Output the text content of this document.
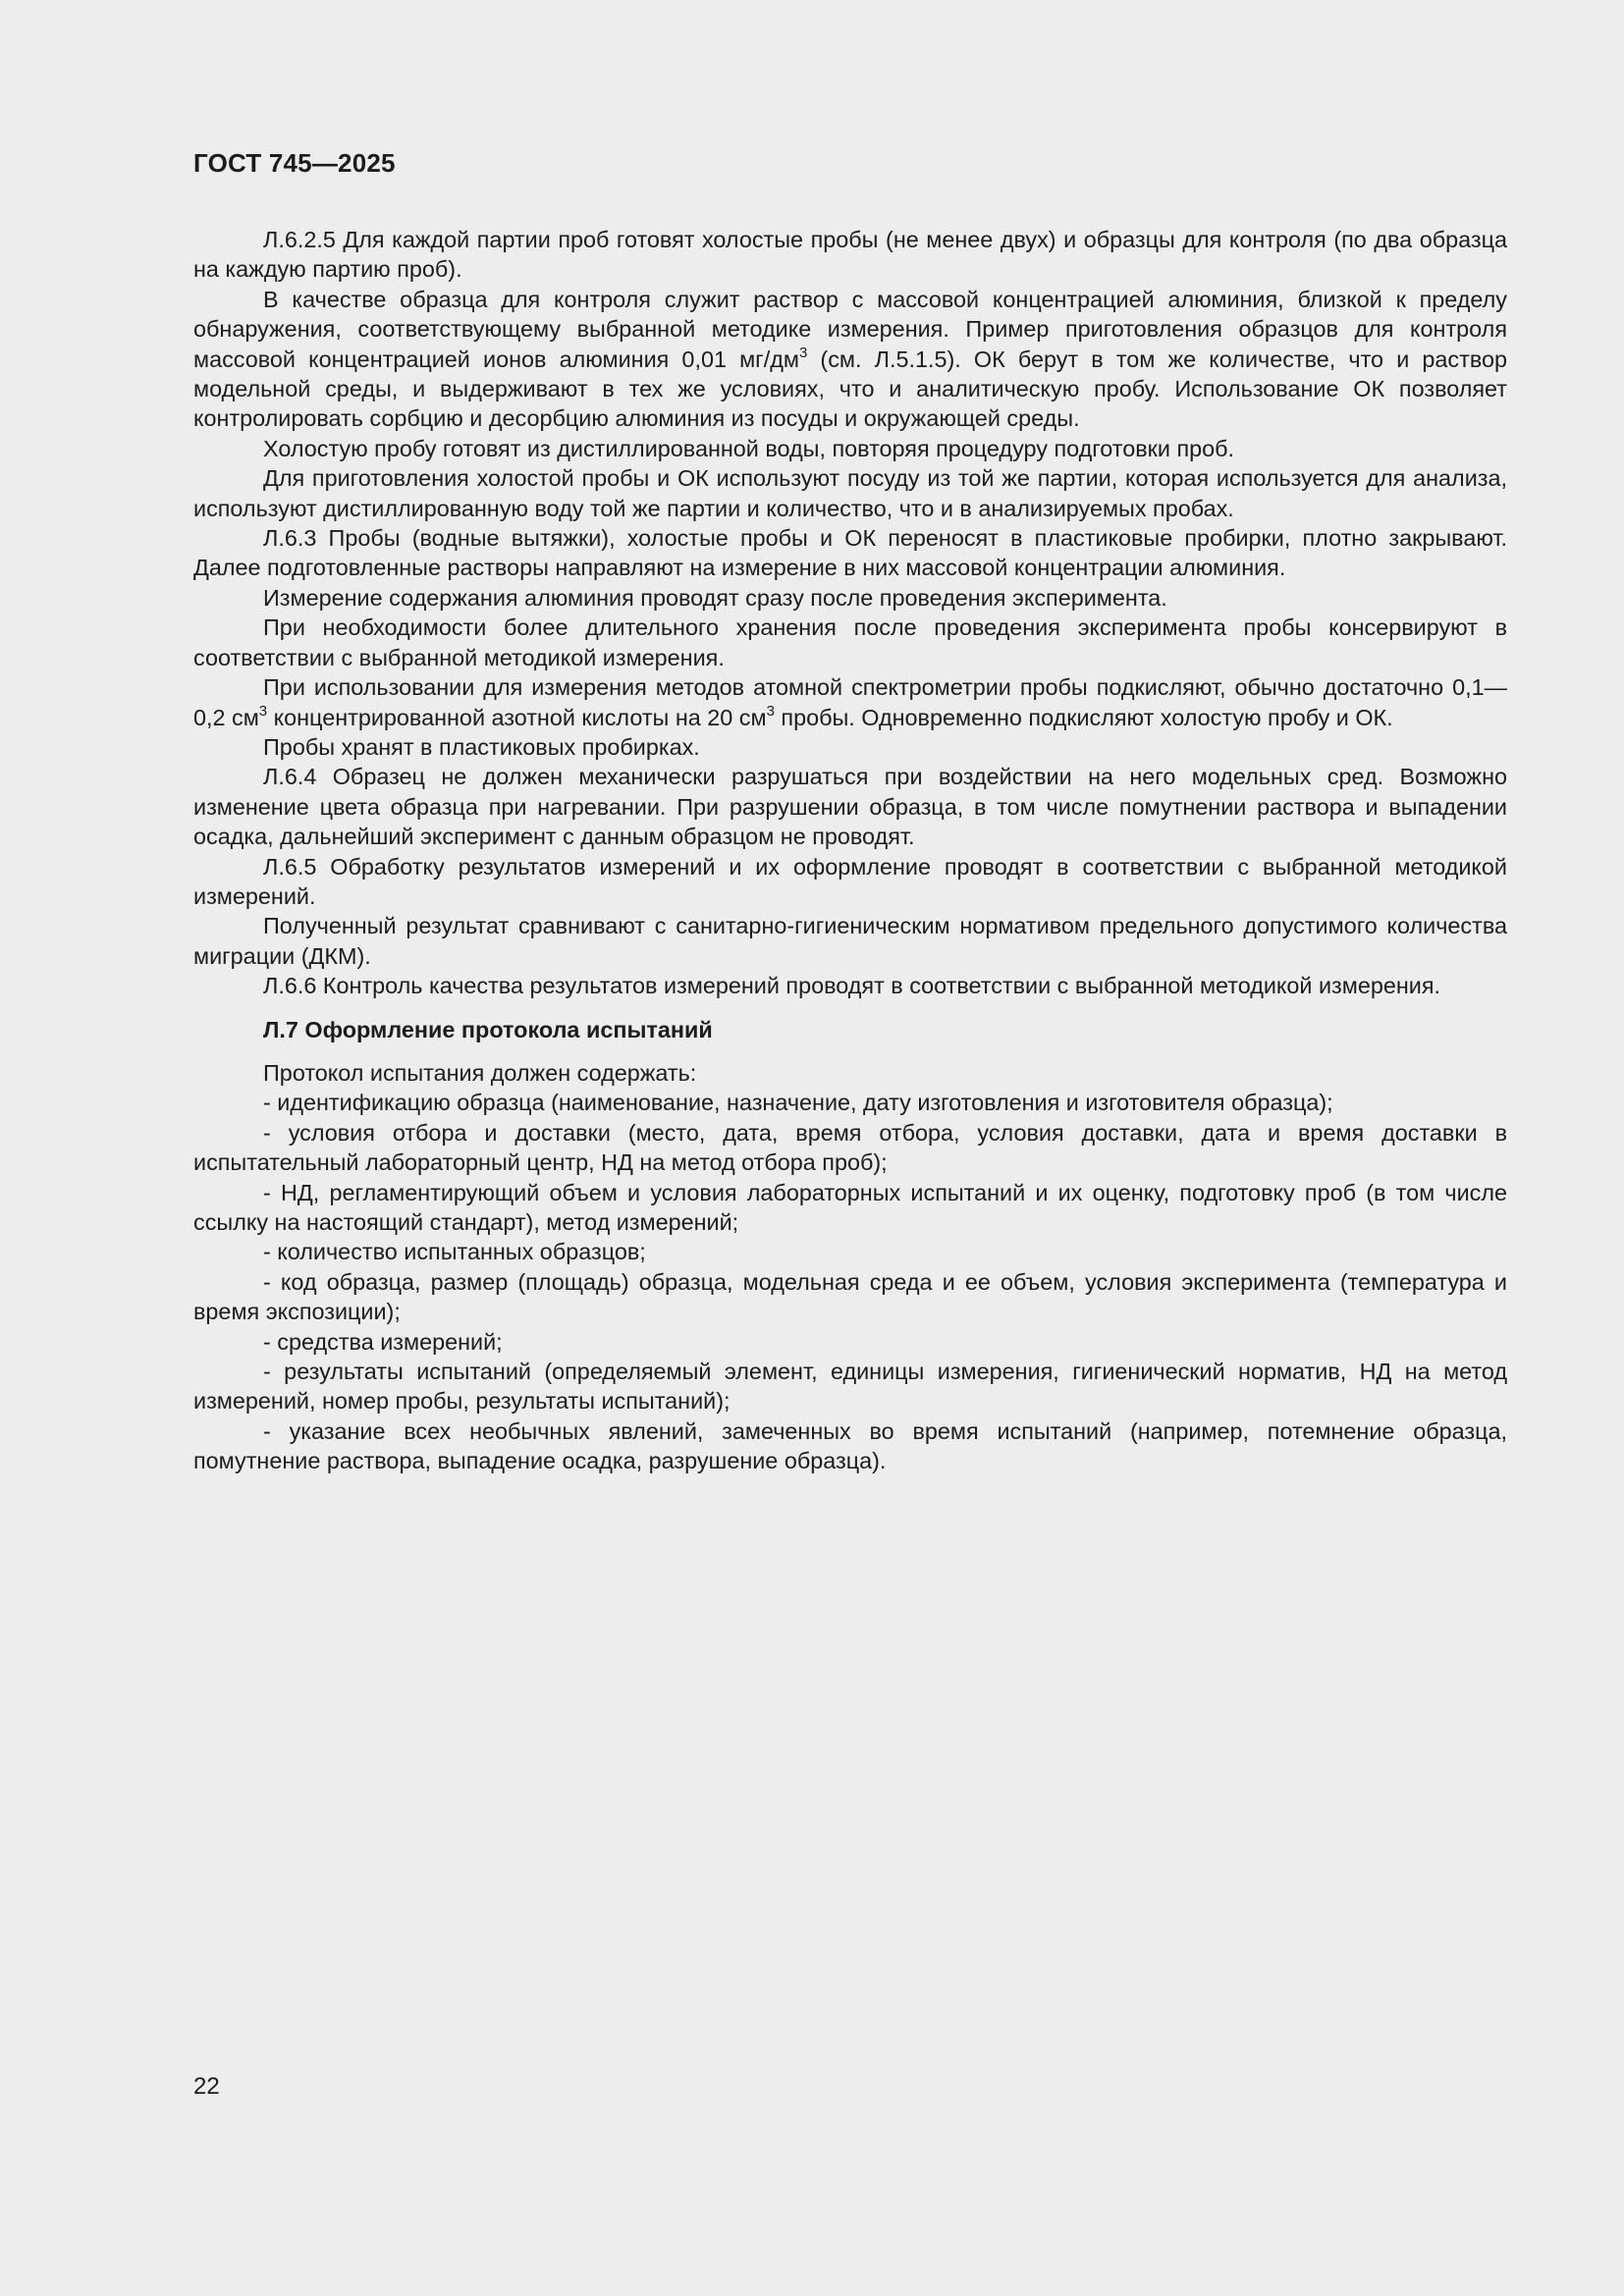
ГОСТ 745—2025

Л.6.2.5 Для каждой партии проб готовят холостые пробы (не менее двух) и образцы для контроля (по два образца на каждую партию проб).

В качестве образца для контроля служит раствор с массовой концентрацией алюминия, близкой к пределу обнаружения, соответствующему выбранной методике измерения. Пример приготовления образцов для контроля массовой концентрацией ионов алюминия 0,01 $мг/дм^3$ (см. Л.5.1.5). ОК берут в том же количестве, что и раствор модельной среды, и выдерживают в тех же условиях, что и аналитическую пробу. Использование ОК позволяет контролировать сорбцию и десорбцию алюминия из посуды и окружающей среды.

Холостую пробу готовят из дистиллированной воды, повторяя процедуру подготовки проб.

Для приготовления холостой пробы и ОК используют посуду из той же партии, которая используется для анализа, используют дистиллированную воду той же партии и количество, что и в анализируемых пробах.

Л.6.3 Пробы (водные вытяжки), холостые пробы и ОК переносят в пластиковые пробирки, плотно закрывают. Далее подготовленные растворы направляют на измерение в них массовой концентрации алюминия.

Измерение содержания алюминия проводят сразу после проведения эксперимента.

При необходимости более длительного хранения после проведения эксперимента пробы консервируют в соответствии с выбранной методикой измерения.

При использовании для измерения методов атомной спектрометрии пробы подкисляют, обычно достаточно 0,1—0,2 $см^3$ концентрированной азотной кислоты на 20 $см^3$ пробы. Одновременно подкисляют холостую пробу и ОК.

Пробы хранят в пластиковых пробирках.

Л.6.4 Образец не должен механически разрушаться при воздействии на него модельных сред. Возможно изменение цвета образца при нагревании. При разрушении образца, в том числе помутнении раствора и выпадении осадка, дальнейший эксперимент с данным образцом не проводят.

Л.6.5 Обработку результатов измерений и их оформление проводят в соответствии с выбранной методикой измерений.

Полученный результат сравнивают с санитарно-гигиеническим нормативом предельного допустимого количества миграции (ДКМ).

Л.6.6 Контроль качества результатов измерений проводят в соответствии с выбранной методикой измерения.

Л.7 Оформление протокола испытаний

Протокол испытания должен содержать:

- идентификацию образца (наименование, назначение, дату изготовления и изготовителя образца);

- условия отбора и доставки (место, дата, время отбора, условия доставки, дата и время доставки в испытательный лабораторный центр, НД на метод отбора проб);

- НД, регламентирующий объем и условия лабораторных испытаний и их оценку, подготовку проб (в том числе ссылку на настоящий стандарт), метод измерений;

- количество испытанных образцов;

- код образца, размер (площадь) образца, модельная среда и ее объем, условия эксперимента (температура и время экспозиции);

- средства измерений;

- результаты испытаний (определяемый элемент, единицы измерения, гигиенический норматив, НД на метод измерений, номер пробы, результаты испытаний);

- указание всех необычных явлений, замеченных во время испытаний (например, потемнение образца, помутнение раствора, выпадение осадка, разрушение образца).

22
